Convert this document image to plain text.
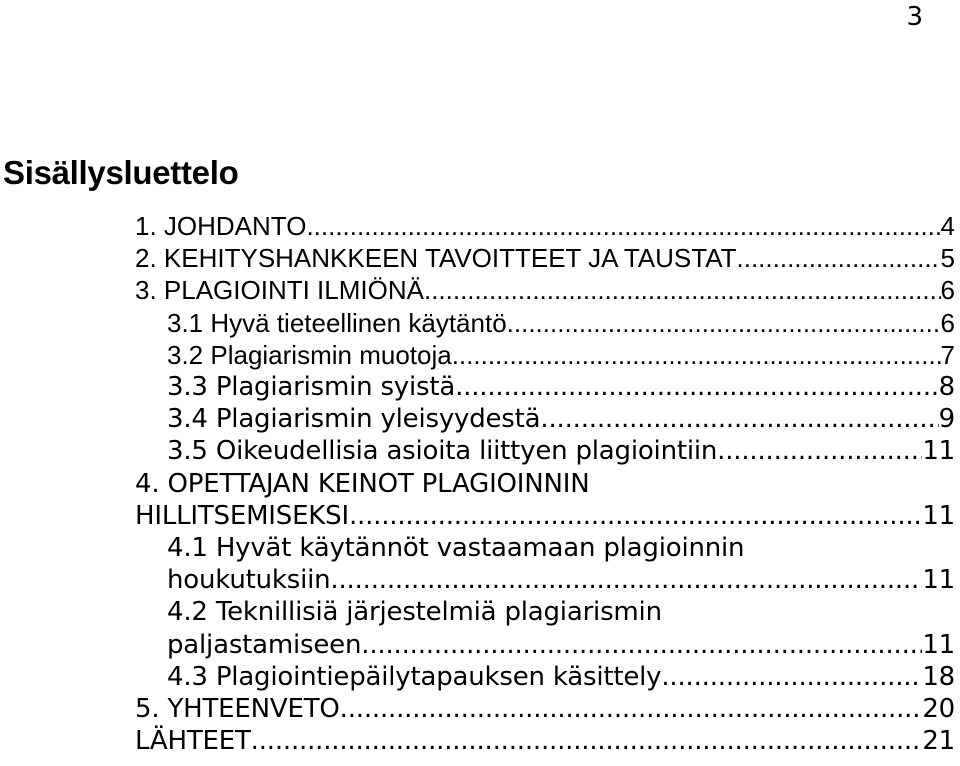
3
Sisällysluettelo
1. JOHDANTO .....	4
2. KEHITYSHANKKEEN TAVOITTEET JA TAUSTAT .....	5
3. PLAGIOINTI ILMIÖNÄ .....	6
3.1 Hyvä tieteellinen käytäntö .....	6
3.2 Plagiarismin muotoja .....	7
3.3 Plagiarismin syistä .....	8
3.4 Plagiarismin yleisyydestä .....	9
3.5 Oikeudellisia asioita liittyen plagiointiin .....	11
4. OPETTAJAN KEINOT PLAGIOINNIN
HILLITSEMISEKSI .....	11
4.1 Hyvät käytännöt vastaamaan plagioinnin
houkutuksiin .....	11
4.2 Teknillisiä järjestelmiä plagiarismin
paljastamiseen .....	11
4.3 Plagiointiepäilytapauksen käsittely .....	18
5. YHTEENVETO .....	20
LÄHTEET .....	21
